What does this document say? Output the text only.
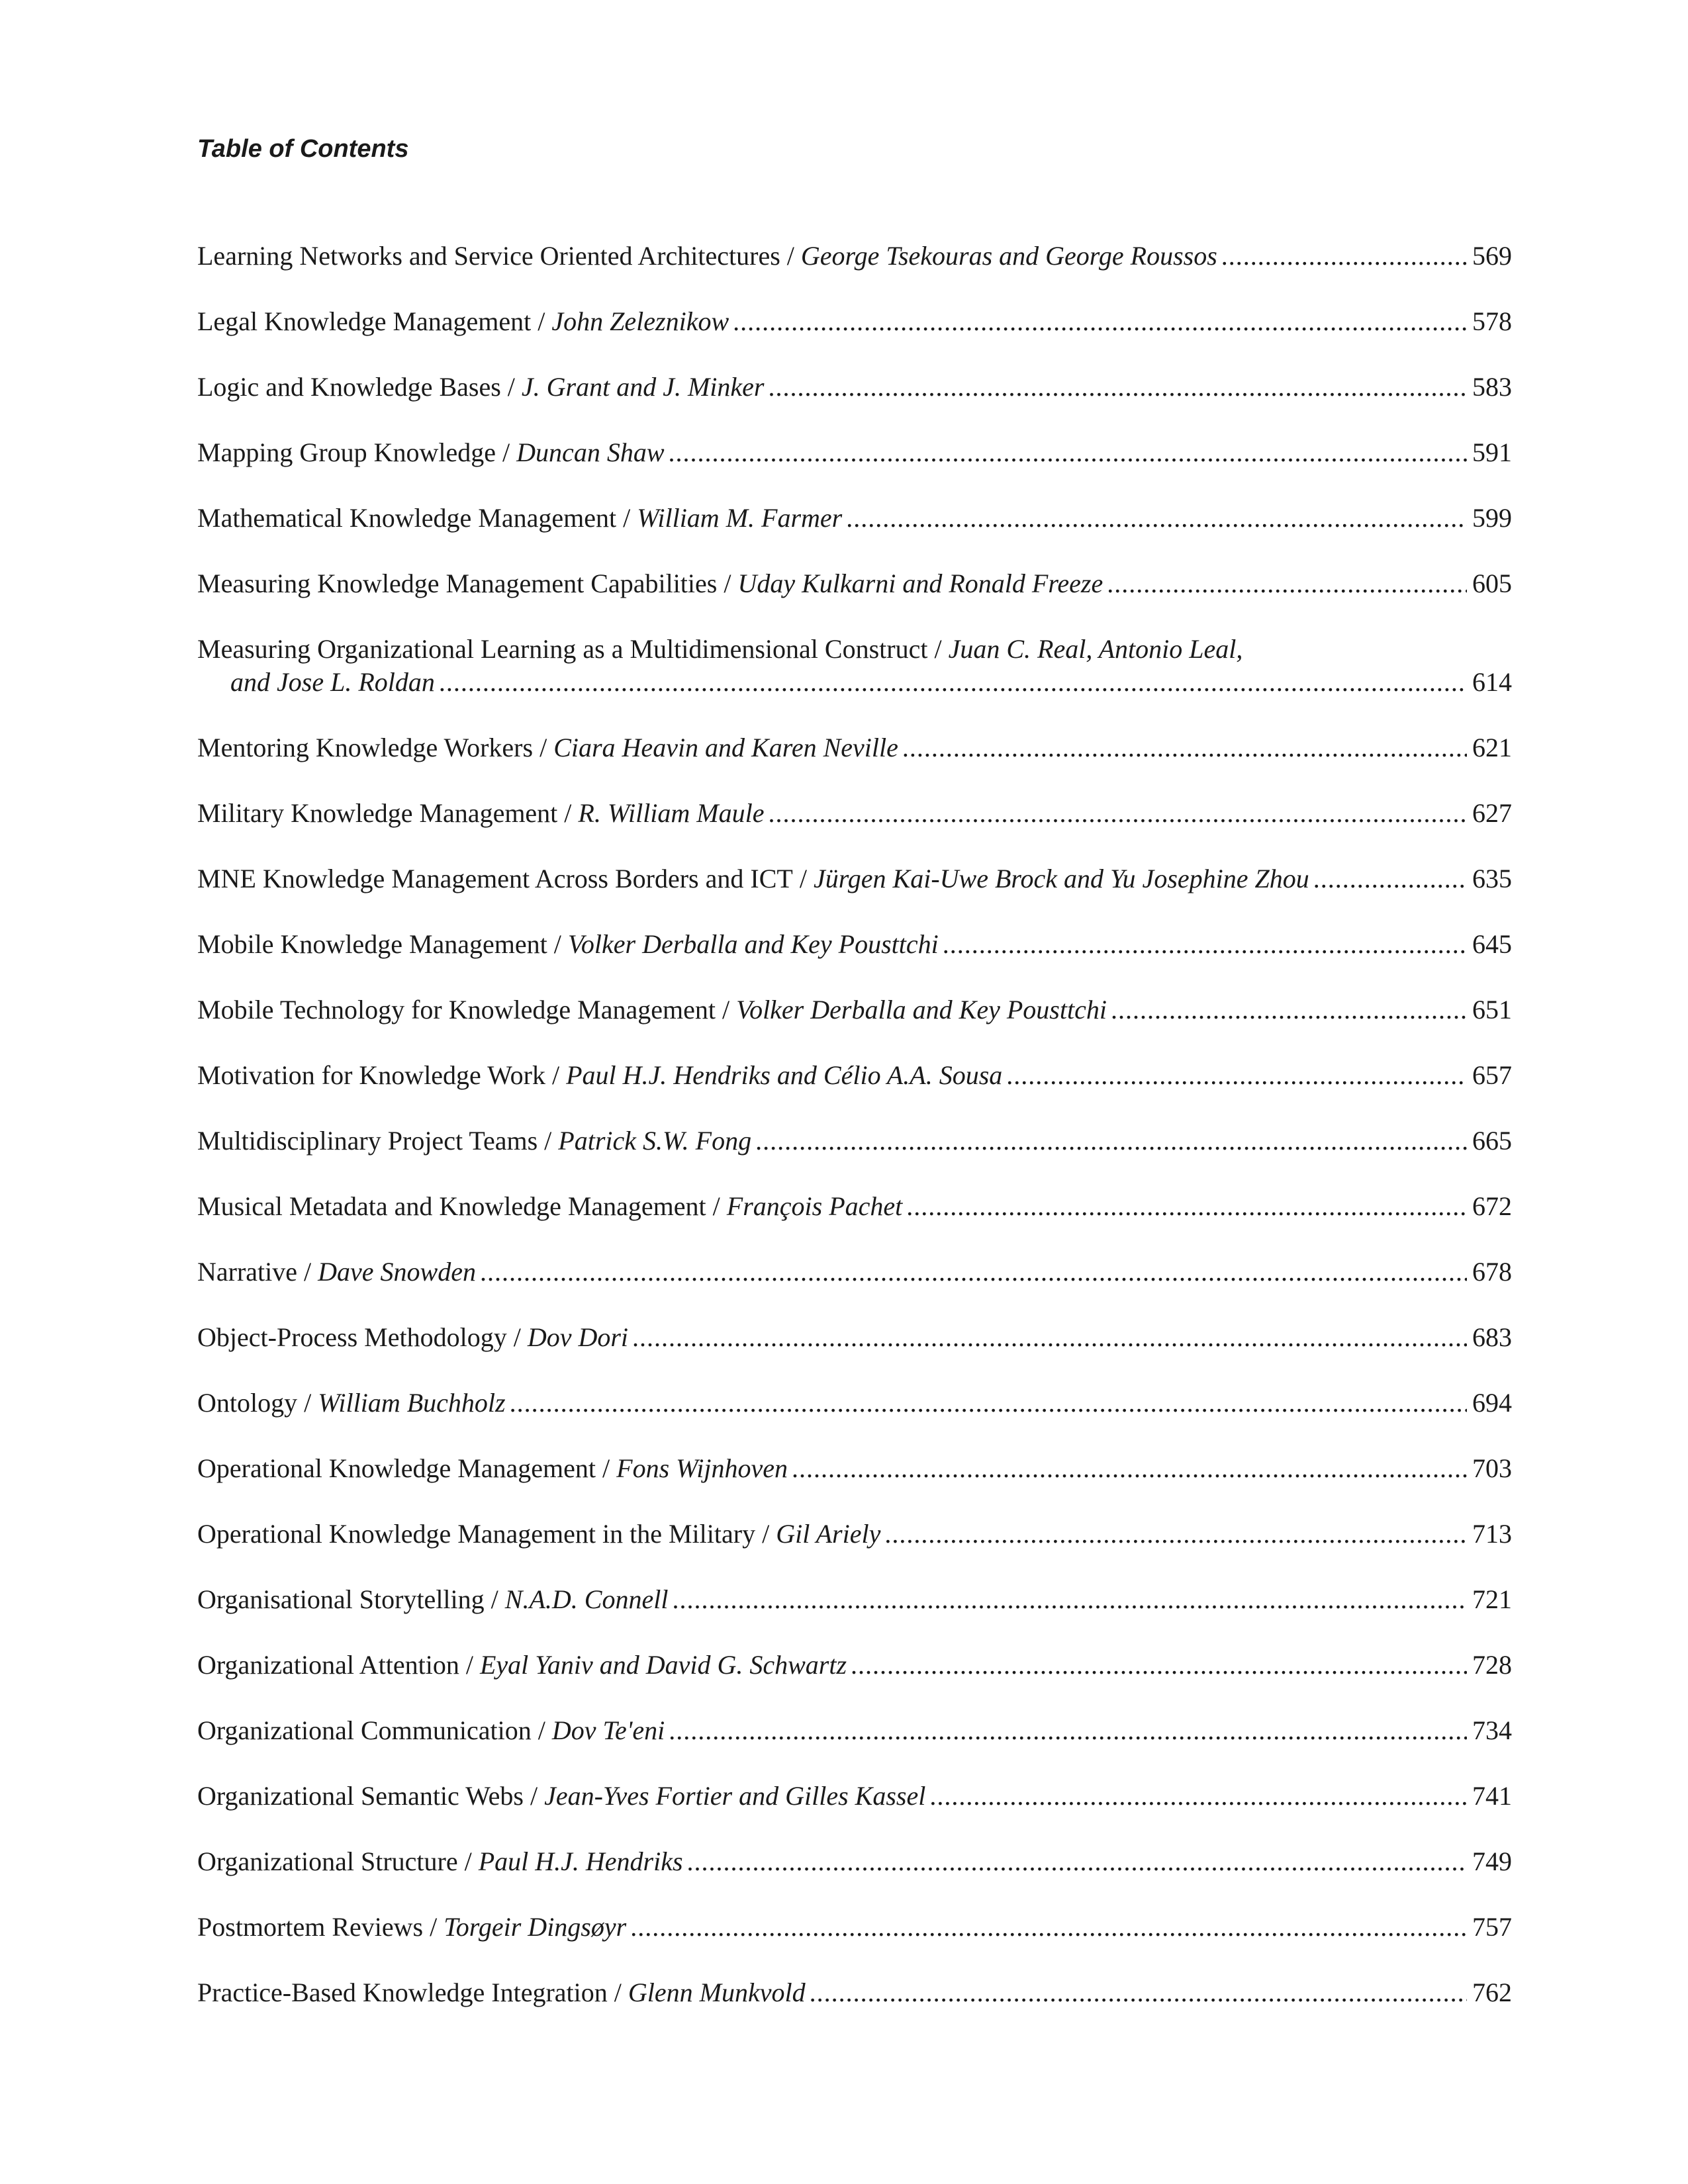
Table of Contents
Learning Networks and Service Oriented Architectures / George Tsekouras and George Roussos .....	569
Legal Knowledge Management / John Zeleznikow .....	578
Logic and Knowledge Bases / J. Grant and J. Minker .....	583
Mapping Group Knowledge / Duncan Shaw .....	591
Mathematical Knowledge Management / William M. Farmer .....	599
Measuring Knowledge Management Capabilities / Uday Kulkarni and Ronald Freeze .....	605
Measuring Organizational Learning as a Multidimensional Construct / Juan C. Real, Antonio Leal,
and Jose L. Roldan .....	614
Mentoring Knowledge Workers / Ciara Heavin and Karen Neville .....	621
Military Knowledge Management / R. William Maule .....	627
MNE Knowledge Management Across Borders and ICT / Jürgen Kai-Uwe Brock and Yu Josephine Zhou .....	635
Mobile Knowledge Management / Volker Derballa and Key Pousttchi .....	645
Mobile Technology for Knowledge Management / Volker Derballa and Key Pousttchi .....	651
Motivation for Knowledge Work / Paul H.J. Hendriks and Célio A.A. Sousa .....	657
Multidisciplinary Project Teams / Patrick S.W. Fong .....	665
Musical Metadata and Knowledge Management / François Pachet .....	672
Narrative / Dave Snowden .....	678
Object-Process Methodology / Dov Dori .....	683
Ontology / William Buchholz .....	694
Operational Knowledge Management / Fons Wijnhoven .....	703
Operational Knowledge Management in the Military / Gil Ariely .....	713
Organisational Storytelling / N.A.D. Connell .....	721
Organizational Attention / Eyal Yaniv and David G. Schwartz .....	728
Organizational Communication / Dov Te'eni .....	734
Organizational Semantic Webs / Jean-Yves Fortier and Gilles Kassel .....	741
Organizational Structure / Paul H.J. Hendriks .....	749
Postmortem Reviews / Torgeir Dingsøyr .....	757
Practice-Based Knowledge Integration / Glenn Munkvold .....	762
